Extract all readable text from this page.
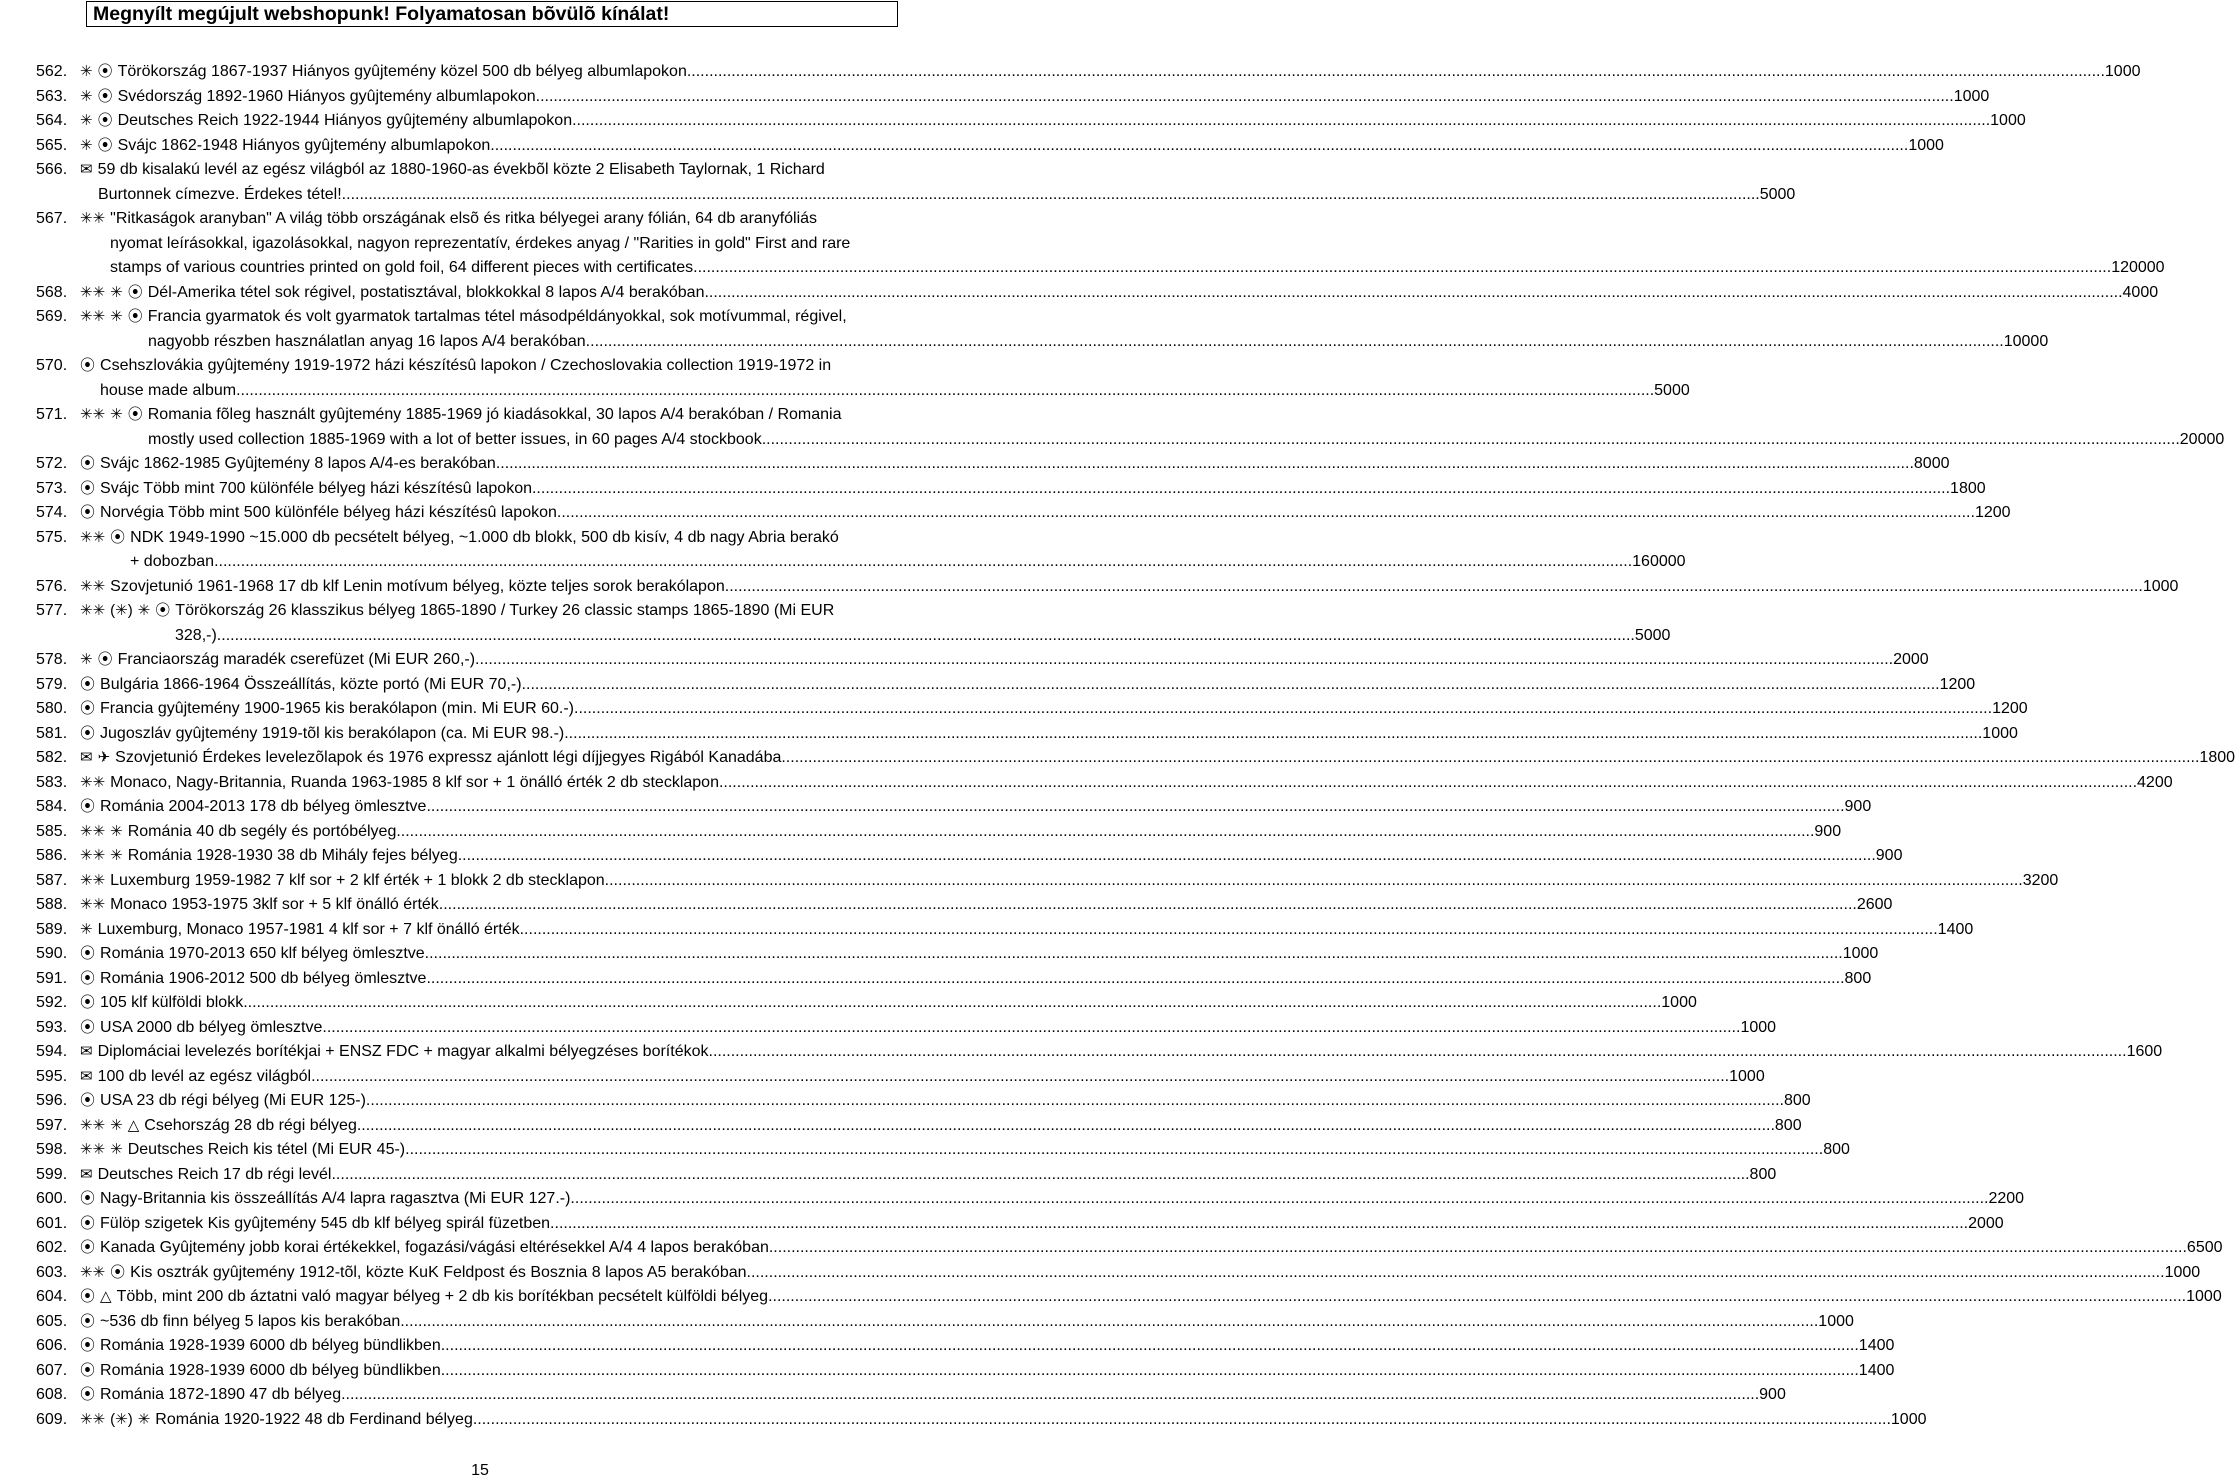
Megnyílt megújult webshopunk! Folyamatosan bõvülõ kínálat!
562. ✳ ⦿ Törökország 1867-1937 Hiányos gyûjtemény közel 500 db bélyeg albumlapokon .....	1000
563. ✳ ⦿ Svédország 1892-1960 Hiányos gyûjtemény albumlapokon .....	1000
564. ✳ ⦿ Deutsches Reich 1922-1944 Hiányos gyûjtemény albumlapokon .....	1000
565. ✳ ⦿ Svájc 1862-1948 Hiányos gyûjtemény albumlapokon .....	1000
566. ✉ 59 db kisalakú levél az egész világból az 1880-1960-as évekbõl közte 2 Elisabeth Taylornak, 1 Richard
Burtonnek címezve. Érdekes tétel! .....	5000
567. ✳✳ "Ritkaságok aranyban" A világ több országának elsõ és ritka bélyegei arany fólián, 64 db aranyfóliás
nyomat leírásokkal, igazolásokkal, nagyon reprezentatív, érdekes anyag / "Rarities in gold" First and rare
stamps of various countries printed on gold foil, 64 different pieces with certificates .....	120000
568. ✳✳ ✳ ⦿ Dél-Amerika tétel sok régivel, postatisztával, blokkokkal 8 lapos A/4 berakóban .....	4000
569. ✳✳ ✳ ⦿ Francia gyarmatok és volt gyarmatok tartalmas tétel másodpéldányokkal, sok motívummal, régivel,
nagyobb részben használatlan anyag 16 lapos A/4 berakóban .....	10000
570. ⦿ Csehszlovákia gyûjtemény 1919-1972 házi készítésû lapokon / Czechoslovakia collection 1919-1972 in
house made album .....	5000
571. ✳✳ ✳ ⦿ Romania fõleg használt gyûjtemény 1885-1969 jó kiadásokkal, 30 lapos A/4 berakóban / Romania
mostly used collection 1885-1969 with a lot of better issues, in 60 pages A/4 stockbook .....	20000
572. ⦿ Svájc 1862-1985 Gyûjtemény 8 lapos A/4-es berakóban .....	8000
573. ⦿ Svájc Több mint 700 különféle bélyeg házi készítésû lapokon .....	1800
574. ⦿ Norvégia Több mint 500 különféle bélyeg házi készítésû lapokon .....	1200
575. ✳✳ ⦿ NDK 1949-1990 ~15.000 db pecsételt bélyeg, ~1.000 db blokk, 500 db kisív, 4 db nagy Abria berakó
+ dobozban .....	160000
576. ✳✳ Szovjetunió 1961-1968 17 db klf Lenin motívum bélyeg, közte teljes sorok berakólapon .....	1000
577. ✳✳ (✳) ✳ ⦿ Törökország 26 klasszikus bélyeg 1865-1890 / Turkey 26 classic stamps 1865-1890 (Mi EUR
328,-) .....	5000
578. ✳ ⦿ Franciaország maradék cserefüzet (Mi EUR 260,-) .....	2000
579. ⦿ Bulgária 1866-1964 Összeállítás, közte portó (Mi EUR 70,-) .....	1200
580. ⦿ Francia gyûjtemény 1900-1965 kis berakólapon (min. Mi EUR 60.-) .....	1200
581. ⦿ Jugoszláv gyûjtemény 1919-tõl kis berakólapon (ca. Mi EUR 98.-) .....	1000
582. ✉ ✈ Szovjetunió Érdekes levelezõlapok és 1976 expressz ajánlott légi díjjegyes Rigából Kanadába .....	1800
583. ✳✳ Monaco, Nagy-Britannia, Ruanda 1963-1985 8 klf sor + 1 önálló érték 2 db stecklapon .....	4200
584. ⦿ Románia 2004-2013 178 db bélyeg ömlesztve .....	900
585. ✳✳ ✳ Románia 40 db segély és portóbélyeg .....	900
586. ✳✳ ✳ Románia 1928-1930 38 db Mihály fejes bélyeg .....	900
587. ✳✳ Luxemburg 1959-1982 7 klf sor + 2 klf érték + 1 blokk 2 db stecklapon .....	3200
588. ✳✳ Monaco 1953-1975 3klf sor + 5 klf önálló érték .....	2600
589. ✳ Luxemburg, Monaco 1957-1981 4 klf sor + 7 klf önálló érték .....	1400
590. ⦿ Románia 1970-2013 650 klf bélyeg ömlesztve .....	1000
591. ⦿ Románia 1906-2012 500 db bélyeg ömlesztve .....	800
592. ⦿ 105 klf külföldi blokk .....	1000
593. ⦿ USA 2000 db bélyeg ömlesztve .....	1000
594. ✉ Diplomáciai levelezés borítékjai + ENSZ FDC + magyar alkalmi bélyegzéses borítékok .....	1600
595. ✉ 100 db levél az egész világból .....	1000
596. ⦿ USA 23 db régi bélyeg (Mi EUR 125-) .....	800
597. ✳✳ ✳ △ Csehország 28 db régi bélyeg .....	800
598. ✳✳ ✳ Deutsches Reich kis tétel (Mi EUR 45-) .....	800
599. ✉ Deutsches Reich 17 db régi levél .....	800
600. ⦿ Nagy-Britannia kis összeállítás A/4 lapra ragasztva (Mi EUR 127.-) .....	2200
601. ⦿ Fülöp szigetek Kis gyûjtemény 545 db klf bélyeg spirál füzetben .....	2000
602. ⦿ Kanada Gyûjtemény jobb korai értékekkel, fogazási/vágási eltérésekkel A/4 4 lapos berakóban .....	6500
603. ✳✳ ⦿ Kis osztrák gyûjtemény 1912-tõl, közte KuK Feldpost és Bosznia 8 lapos A5 berakóban .....	1000
604. ⦿ △ Több, mint 200 db áztatni való magyar bélyeg + 2 db kis borítékban pecsételt külföldi bélyeg .....	1000
605. ⦿ ~536 db finn bélyeg 5 lapos kis berakóban .....	1000
606. ⦿ Románia 1928-1939 6000 db bélyeg bündlikben .....	1400
607. ⦿ Románia 1928-1939 6000 db bélyeg bündlikben .....	1400
608. ⦿ Románia 1872-1890 47 db bélyeg .....	900
609. ✳✳ (✳) ✳ Románia 1920-1922 48 db Ferdinand bélyeg .....	1000
15
